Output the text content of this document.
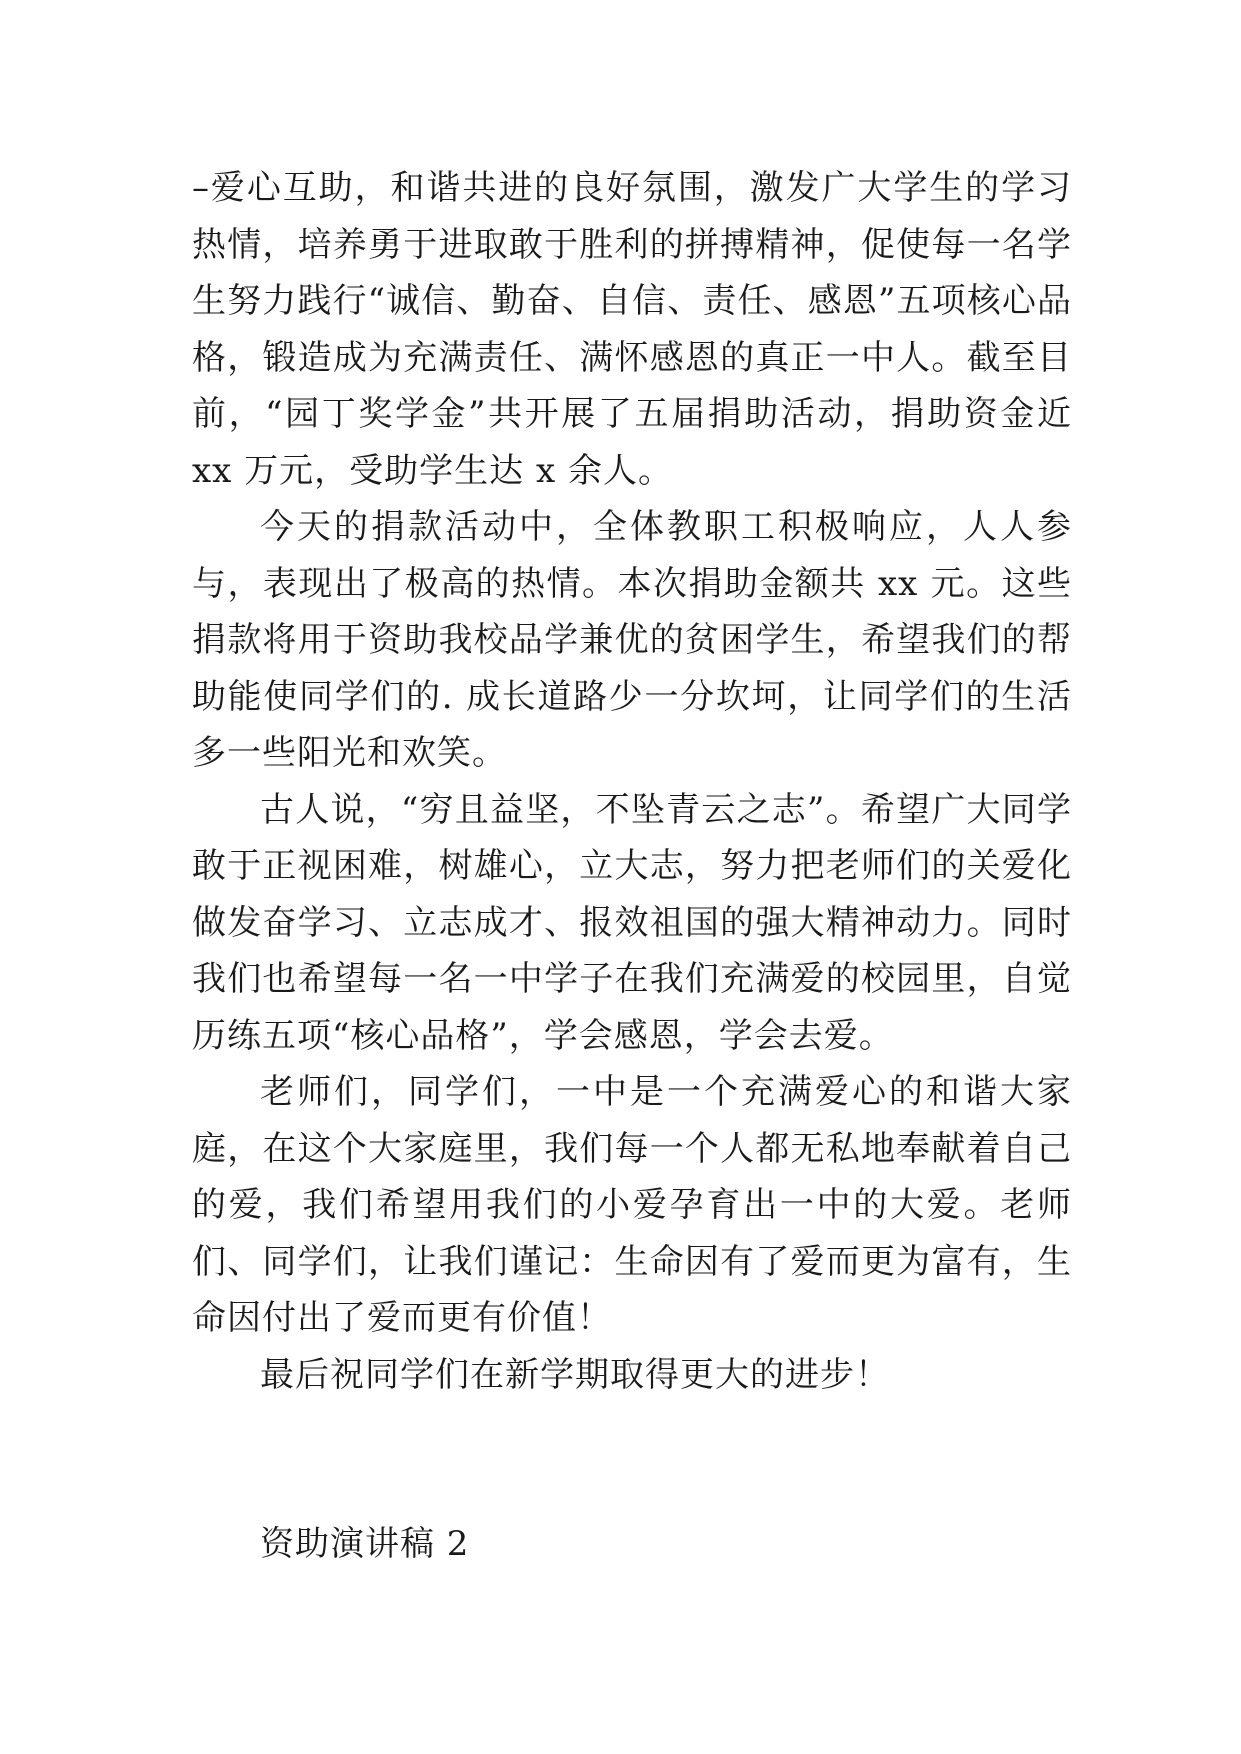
–爱心互助，和谐共进的良好氛围，激发广大学生的学习热情，培养勇于进取敢于胜利的拼搏精神，促使每一名学生努力践行“诚信、勤奋、自信、责任、感恩”五项核心品格，锻造成为充满责任、满怀感恩的真正一中人。截至目前，“园丁奖学金”共开展了五届捐助活动，捐助资金近 xx 万元，受助学生达 x 余人。

今天的捐款活动中，全体教职工积极响应，人人参与，表现出了极高的热情。本次捐助金额共 xx 元。这些捐款将用于资助我校品学兼优的贫困学生，希望我们的帮助能使同学们的. 成长道路少一分坎坷，让同学们的生活多一些阳光和欢笑。

古人说，“穷且益坚，不坠青云之志”。希望广大同学敢于正视困难，树雄心，立大志，努力把老师们的关爱化做发奋学习、立志成才、报效祖国的强大精神动力。同时我们也希望每一名一中学子在我们充满爱的校园里，自觉历练五项“核心品格”，学会感恩，学会去爱。

老师们，同学们，一中是一个充满爱心的和谐大家庭，在这个大家庭里，我们每一个人都无私地奉献着自己的爱，我们希望用我们的小爱孕育出一中的大爱。老师们、同学们，让我们谨记：生命因有了爱而更为富有，生命因付出了爱而更有价值！

最后祝同学们在新学期取得更大的进步！

资助演讲稿 2
